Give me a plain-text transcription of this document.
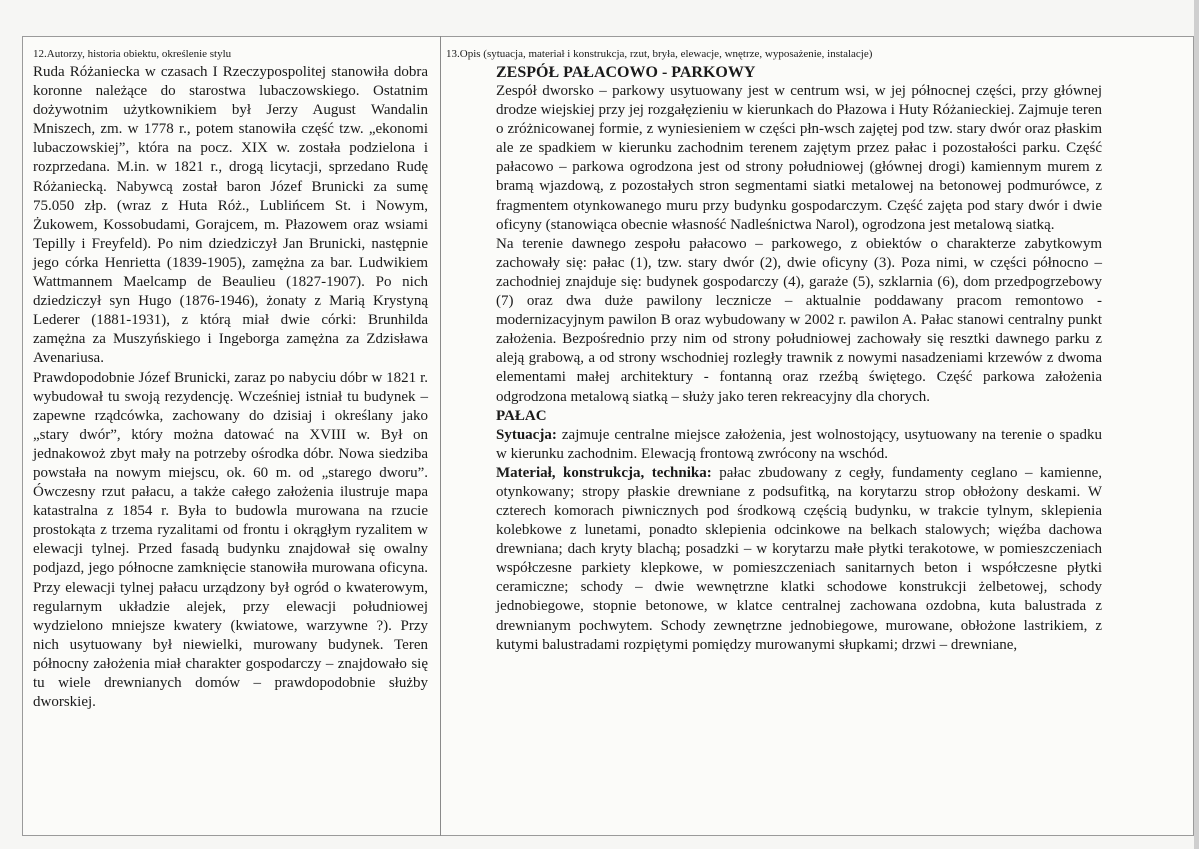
12.Autorzy, historia obiektu, określenie stylu

Ruda Różaniecka w czasach I Rzeczypospolitej stanowiła dobra koronne należące do starostwa lubaczowskiego. Ostatnim dożywotnim użytkownikiem był Jerzy August Wandalin Mniszech, zm. w 1778 r., potem stanowiła część tzw. „ekonomi lubaczowskiej”, która na pocz. XIX w. została podzielona i rozprzedana. M.in. w 1821 r., drogą licytacji, sprzedano Rudę Różaniecką. Nabywcą został baron Józef Brunicki za sumę 75.050 złp. (wraz z Huta Róż., Lublińcem St. i Nowym, Żukowem, Kossobudami, Gorajcem, m. Płazowem oraz wsiami Tepilly i Freyfeld). Po nim dziedziczył Jan Brunicki, następnie jego córka Henrietta (1839-1905), zamężna za bar. Ludwikiem Wattmannem Maelcamp de Beaulieu (1827-1907). Po nich dziedziczył syn Hugo (1876-1946), żonaty z Marią Krystyną Lederer (1881-1931), z którą miał dwie córki: Brunhilda zamężna za Muszyńskiego i Ingeborga zamężna za Zdzisława Avenariusa.

Prawdopodobnie Józef Brunicki, zaraz po nabyciu dóbr w 1821 r. wybudował tu swoją rezydencję. Wcześniej istniał tu budynek – zapewne rządcówka, zachowany do dzisiaj i określany jako „stary dwór”, który można datować na XVIII w. Był on jednakowoż zbyt mały na potrzeby ośrodka dóbr. Nowa siedziba powstała na nowym miejscu, ok. 60 m. od „starego dworu”. Ówczesny rzut pałacu, a także całego założenia ilustruje mapa katastralna z 1854 r. Była to budowla murowana na rzucie prostokąta z trzema ryzalitami od frontu i okrągłym ryzalitem w elewacji tylnej. Przed fasadą budynku znajdował się owalny podjazd, jego północne zamknięcie stanowiła murowana oficyna. Przy elewacji tylnej pałacu urządzony był ogród o kwaterowym, regularnym układzie alejek, przy elewacji południowej wydzielono mniejsze kwatery (kwiatowe, warzywne ?). Przy nich usytuowany był niewielki, murowany budynek. Teren północny założenia miał charakter gospodarczy – znajdowało się tu wiele drewnianych domów – prawdopodobnie służby dworskiej.

13.Opis (sytuacja, materiał i konstrukcja, rzut, bryła, elewacje, wnętrze, wyposażenie, instalacje)
ZESPÓŁ PAŁACOWO - PARKOWY

Zespół dworsko – parkowy usytuowany jest w centrum wsi, w jej północnej części, przy głównej drodze wiejskiej przy jej rozgałęzieniu w kierunkach do Płazowa i Huty Różanieckiej. Zajmuje teren o zróżnicowanej formie, z wyniesieniem w części płn-wsch zajętej pod tzw. stary dwór oraz płaskim ale ze spadkiem w kierunku zachodnim terenem zajętym przez pałac i pozostałości parku. Część pałacowo – parkowa ogrodzona jest od strony południowej (głównej drogi) kamiennym murem z bramą wjazdową, z pozostałych stron segmentami siatki metalowej na betonowej podmurówce, z fragmentem otynkowanego muru przy budynku gospodarczym. Część zajęta pod stary dwór i dwie oficyny (stanowiąca obecnie własność Nadleśnictwa Narol), ogrodzona jest metalową siatką.

Na terenie dawnego zespołu pałacowo – parkowego, z obiektów o charakterze zabytkowym zachowały się: pałac (1), tzw. stary dwór (2), dwie oficyny (3). Poza nimi, w części północno – zachodniej znajduje się: budynek gospodarczy (4), garaże (5), szklarnia (6), dom przedpogrzebowy (7) oraz dwa duże pawilony lecznicze – aktualnie poddawany pracom remontowo - modernizacyjnym pawilon B oraz wybudowany w 2002 r. pawilon A. Pałac stanowi centralny punkt założenia. Bezpośrednio przy nim od strony południowej zachowały się resztki dawnego parku z aleją grabową, a od strony wschodniej rozległy trawnik z nowymi nasadzeniami krzewów z dwoma elementami małej architektury - fontanną oraz rzeźbą świętego. Część parkowa założenia odgrodzona metalową siatką – służy jako teren rekreacyjny dla chorych.

PAŁAC

Sytuacja: zajmuje centralne miejsce założenia, jest wolnostojący, usytuowany na terenie o spadku w kierunku zachodnim. Elewacją frontową zwrócony na wschód.

Materiał, konstrukcja, technika: pałac zbudowany z cegły, fundamenty ceglano – kamienne, otynkowany; stropy płaskie drewniane z podsufitką, na korytarzu strop obłożony deskami. W czterech komorach piwnicznych pod środkową częścią budynku, w trakcie tylnym, sklepienia kolebkowe z lunetami, ponadto sklepienia odcinkowe na belkach stalowych; więźba dachowa drewniana; dach kryty blachą; posadzki – w korytarzu małe płytki terakotowe, w pomieszczeniach współczesne parkiety klepkowe, w pomieszczeniach sanitarnych beton i współczesne płytki ceramiczne; schody – dwie wewnętrzne klatki schodowe konstrukcji żelbetowej, schody jednobiegowe, stopnie betonowe, w klatce centralnej zachowana ozdobna, kuta balustrada z drewnianym pochwytem. Schody zewnętrzne jednobiegowe, murowane, obłożone lastrikiem, z kutymi balustradami rozpiętymi pomiędzy murowanymi słupkami; drzwi – drewniane,
